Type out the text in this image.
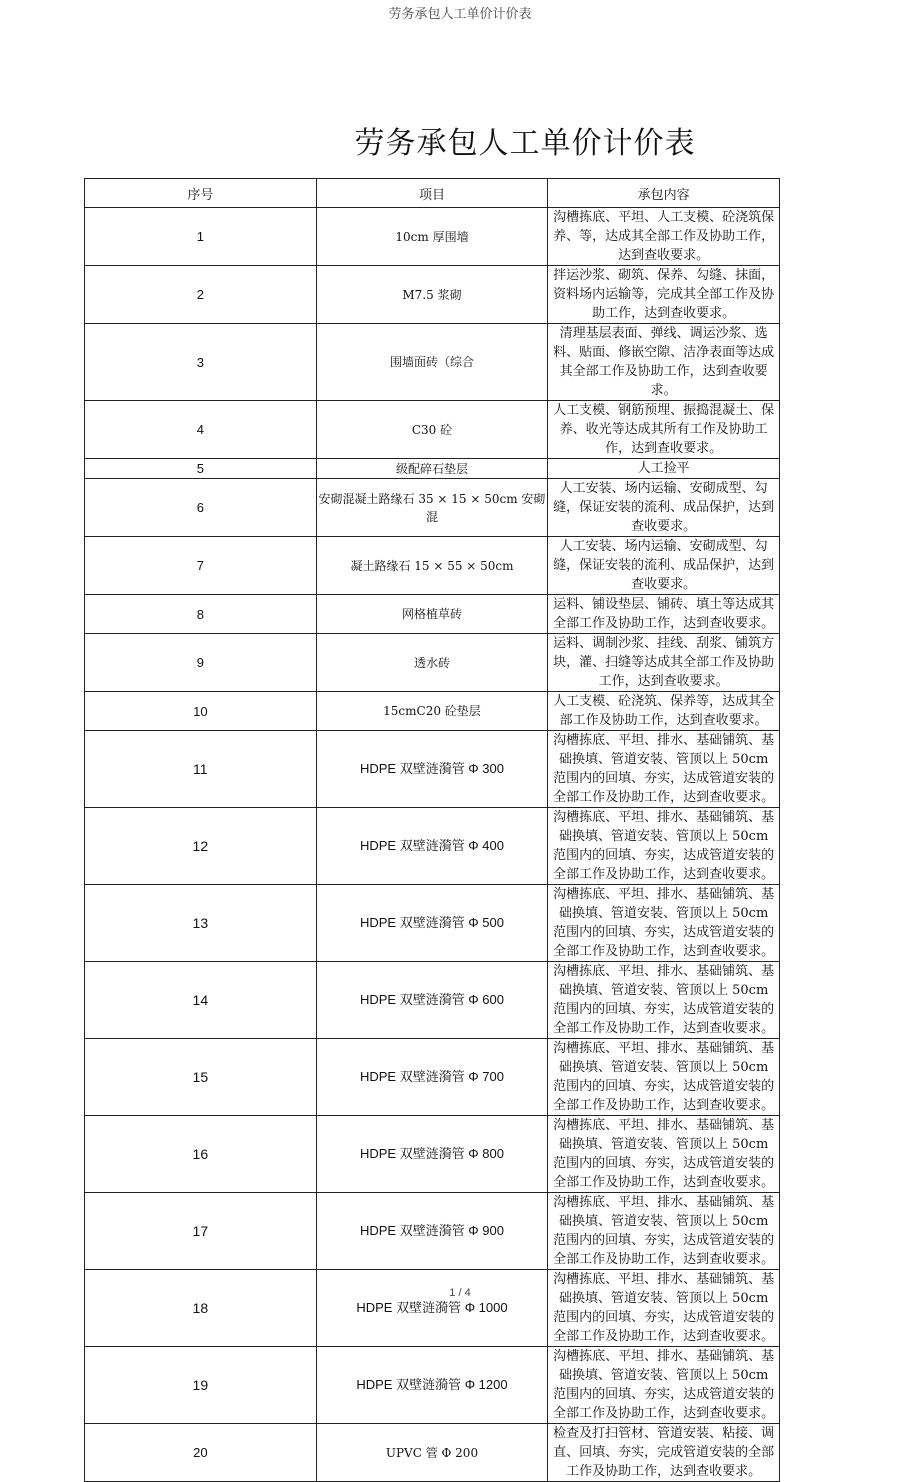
劳务承包人工单价计价表
劳务承包人工单价计价表
序号	项目	承包内容
1	10cm 厚围墙	沟槽拣底、平坦、人工支模、砼浇筑保养、等，达成其全部工作及协助工作，达到查收要求。
2	M7.5 浆砌	拌运沙浆、砌筑、保养、勾缝、抹面，资料场内运输等，完成其全部工作及协助工作，达到查收要求。
3	围墙面砖（综合	清理基层表面、弹线、调运沙浆、选料、贴面、修嵌空隙、洁净表面等达成其全部工作及协助工作，达到查收要求。
4	C30 砼	人工支模、钢筋预埋、振捣混凝土、保养、收光等达成其所有工作及协助工作，达到查收要求。
5	级配碎石垫层	人工捡平
6	安砌混凝土路缘石 35 × 15 × 50cm 安砌混	人工安装、场内运输、安砌成型、勾缝，保证安装的流利、成品保护，达到查收要求。
7	凝土路缘石 15 × 55 × 50cm	人工安装、场内运输、安砌成型、勾缝，保证安装的流利、成品保护，达到查收要求。
8	网格植草砖	运料、铺设垫层、铺砖、填土等达成其全部工作及协助工作，达到查收要求。
9	透水砖	运料、调制沙浆、挂线、刮浆、铺筑方块，灌、扫缝等达成其全部工作及协助工作，达到查收要求。
10	15cmC20 砼垫层	人工支模、砼浇筑、保养等，达成其全部工作及协助工作，达到查收要求。
11	HDPE 双壁涟漪管 Φ 300	沟槽拣底、平坦、排水、基础铺筑、基础换填、管道安装、管顶以上 50cm 范围内的回填、夯实，达成管道安装的全部工作及协助工作，达到查收要求。
12	HDPE 双壁涟漪管 Φ 400	沟槽拣底、平坦、排水、基础铺筑、基础换填、管道安装、管顶以上 50cm 范围内的回填、夯实，达成管道安装的全部工作及协助工作，达到查收要求。
13	HDPE 双壁涟漪管 Φ 500	沟槽拣底、平坦、排水、基础铺筑、基础换填、管道安装、管顶以上 50cm 范围内的回填、夯实，达成管道安装的全部工作及协助工作，达到查收要求。
14	HDPE 双壁涟漪管 Φ 600	沟槽拣底、平坦、排水、基础铺筑、基础换填、管道安装、管顶以上 50cm 范围内的回填、夯实，达成管道安装的全部工作及协助工作，达到查收要求。
15	HDPE 双壁涟漪管 Φ 700	沟槽拣底、平坦、排水、基础铺筑、基础换填、管道安装、管顶以上 50cm 范围内的回填、夯实，达成管道安装的全部工作及协助工作，达到查收要求。
16	HDPE 双壁涟漪管 Φ 800	沟槽拣底、平坦、排水、基础铺筑、基础换填、管道安装、管顶以上 50cm 范围内的回填、夯实，达成管道安装的全部工作及协助工作，达到查收要求。
17	HDPE 双壁涟漪管 Φ 900	沟槽拣底、平坦、排水、基础铺筑、基础换填、管道安装、管顶以上 50cm 范围内的回填、夯实，达成管道安装的全部工作及协助工作，达到查收要求。
18	HDPE 双壁涟漪管 Φ 1000	沟槽拣底、平坦、排水、基础铺筑、基础换填、管道安装、管顶以上 50cm 范围内的回填、夯实，达成管道安装的全部工作及协助工作，达到查收要求。
19	HDPE 双壁涟漪管 Φ 1200	沟槽拣底、平坦、排水、基础铺筑、基础换填、管道安装、管顶以上 50cm 范围内的回填、夯实，达成管道安装的全部工作及协助工作，达到查收要求。
20	UPVC 管 Φ 200	检查及打扫管材、管道安装、粘接、调直、回填、夯实，完成管道安装的全部工作及协助工作，达到查收要求。
1 / 4
